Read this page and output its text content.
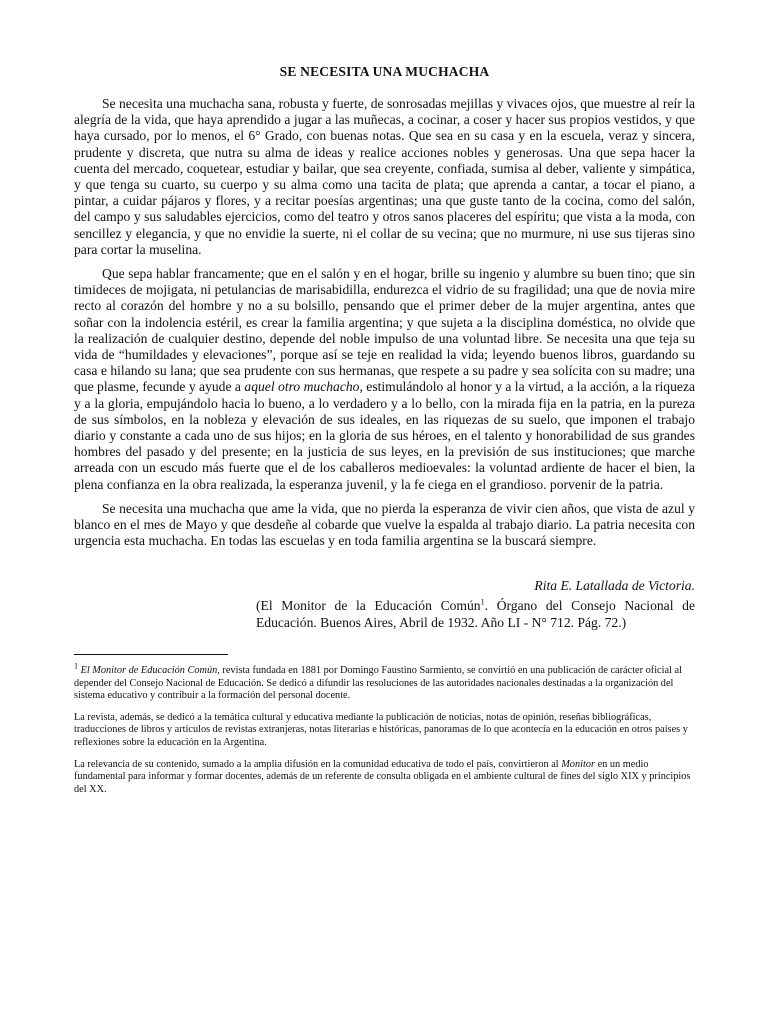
SE NECESITA UNA MUCHACHA

Se necesita una muchacha sana, robusta y fuerte, de sonrosadas mejillas y vivaces ojos, que muestre al reír la alegría de la vida, que haya aprendido a jugar a las muñecas, a cocinar, a coser y hacer sus propios vestidos, y que haya cursado, por lo menos, el 6° Grado, con buenas notas. Que sea en su casa y en la escuela, veraz y sincera, prudente y discreta, que nutra su alma de ideas y realice acciones nobles y generosas. Una que sepa hacer la cuenta del mercado, coquetear, estudiar y bailar, que sea creyente, confiada, sumisa al deber, valiente y simpática, y que tenga su cuarto, su cuerpo y su alma como una tacita de plata; que aprenda a cantar, a tocar el piano, a pintar, a cuidar pájaros y flores, y a recitar poesías argentinas; una que guste tanto de la cocina, como del salón, del campo y sus saludables ejercicios, como del teatro y otros sanos placeres del espíritu; que vista a la moda, con sencillez y elegancia, y que no envidie la suerte, ni el collar de su vecina; que no murmure, ni use sus tijeras sino para cortar la muselina.

Que sepa hablar francamente; que en el salón y en el hogar, brille su ingenio y alumbre su buen tino; que sin timideces de mojigata, ni petulancias de marisabidilla, endurezca el vidrio de su fragilidad; una que de novia mire recto al corazón del hombre y no a su bolsillo, pensando que el primer deber de la mujer argentina, antes que soñar con la indolencia estéril, es crear la familia argentina; y que sujeta a la disciplina doméstica, no olvide que la realización de cualquier destino, depende del noble impulso de una voluntad libre. Se necesita una que teja su vida de “humildades y elevaciones”, porque así se teje en realidad la vida; leyendo buenos libros, guardando su casa e hilando su lana; que sea prudente con sus hermanas, que respete a su padre y sea solícita con su madre; una que plasme, fecunde y ayude a aquel otro muchacho, estimulándolo al honor y a la virtud, a la acción, a la riqueza y a la gloria, empujándolo hacia lo bueno, a lo verdadero y a lo bello, con la mirada fija en la patria, en la pureza de sus símbolos, en la nobleza y elevación de sus ideales, en las riquezas de su suelo, que imponen el trabajo diario y constante a cada uno de sus hijos; en la gloria de sus héroes, en el talento y honorabilidad de sus grandes hombres del pasado y del presente; en la justicia de sus leyes, en la previsión de sus instituciones; que marche arreada con un escudo más fuerte que el de los caballeros medioevales: la voluntad ardiente de hacer el bien, la plena confianza en la obra realizada, la esperanza juvenil, y la fe ciega en el grandioso. porvenir de la patria.

Se necesita una muchacha que ame la vida, que no pierda la esperanza de vivir cien años, que vista de azul y blanco en el mes de Mayo y que desdeñe al cobarde que vuelve la espalda al trabajo diario. La patria necesita con urgencia esta muchacha. En todas las escuelas y en toda familia argentina se la buscará siempre.

Rita E. Latallada de Victoria.

(El Monitor de la Educación Común$^1$. Órgano del Consejo Nacional de Educación. Buenos Aires, Abril de 1932. Año LI - N° 712. Pág. 72.)

$^1$ El Monitor de Educación Común, revista fundada en 1881 por Domingo Faustino Sarmiento, se convirtió en una publicación de carácter oficial al depender del Consejo Nacional de Educación. Se dedicó a difundir las resoluciones de las autoridades nacionales destinadas a la organización del sistema educativo y contribuir a la formación del personal docente.

La revista, además, se dedicó a la temática cultural y educativa mediante la publicación de noticias, notas de opinión, reseñas bibliográficas, traducciones de libros y artículos de revistas extranjeras, notas literarias e históricas, panoramas de lo que acontecía en la educación en otros países y reflexiones sobre la educación en la Argentina.

La relevancia de su contenido, sumado a la amplia difusión en la comunidad educativa de todo el país, convirtieron al Monitor en un medio fundamental para informar y formar docentes, además de un referente de consulta obligada en el ambiente cultural de fines del siglo XIX y principios del XX.
